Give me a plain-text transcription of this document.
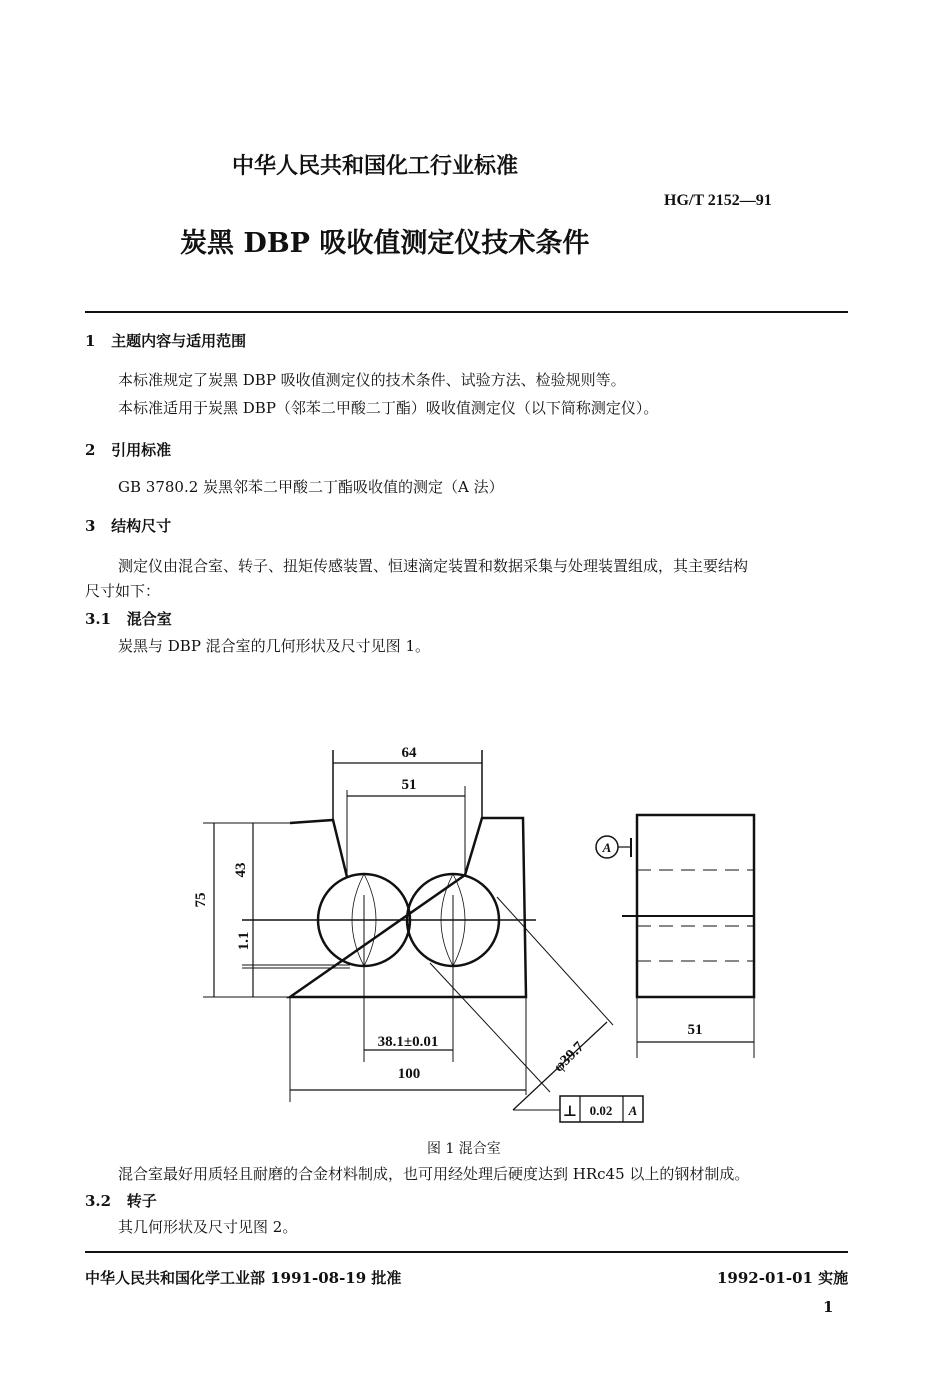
中华人民共和国化工行业标准
HG/T 2152—91
炭黑 DBP 吸收值测定仪技术条件
1 主题内容与适用范围
本标准规定了炭黑 DBP 吸收值测定仪的技术条件、试验方法、检验规则等。
本标准适用于炭黑 DBP（邻苯二甲酸二丁酯）吸收值测定仪（以下简称测定仪）。
2 引用标准
GB 3780.2 炭黑邻苯二甲酸二丁酯吸收值的测定（A 法）
3 结构尺寸
测定仪由混合室、转子、扭矩传感装置、恒速滴定装置和数据采集与处理装置组成，其主要结构
尺寸如下：
3.1 混合室
炭黑与 DBP 混合室的几何形状及尺寸见图 1。
64
51
75
43
1.1
38.1±0.01
100	φ39.7
51
A
⊥ 0.02 A
图 1 混合室
混合室最好用质轻且耐磨的合金材料制成，也可用经处理后硬度达到 HRc45 以上的钢材制成。
3.2 转子
其几何形状及尺寸见图 2。
中华人民共和国化学工业部 1991-08-19 批准	1992-01-01 实施
1
